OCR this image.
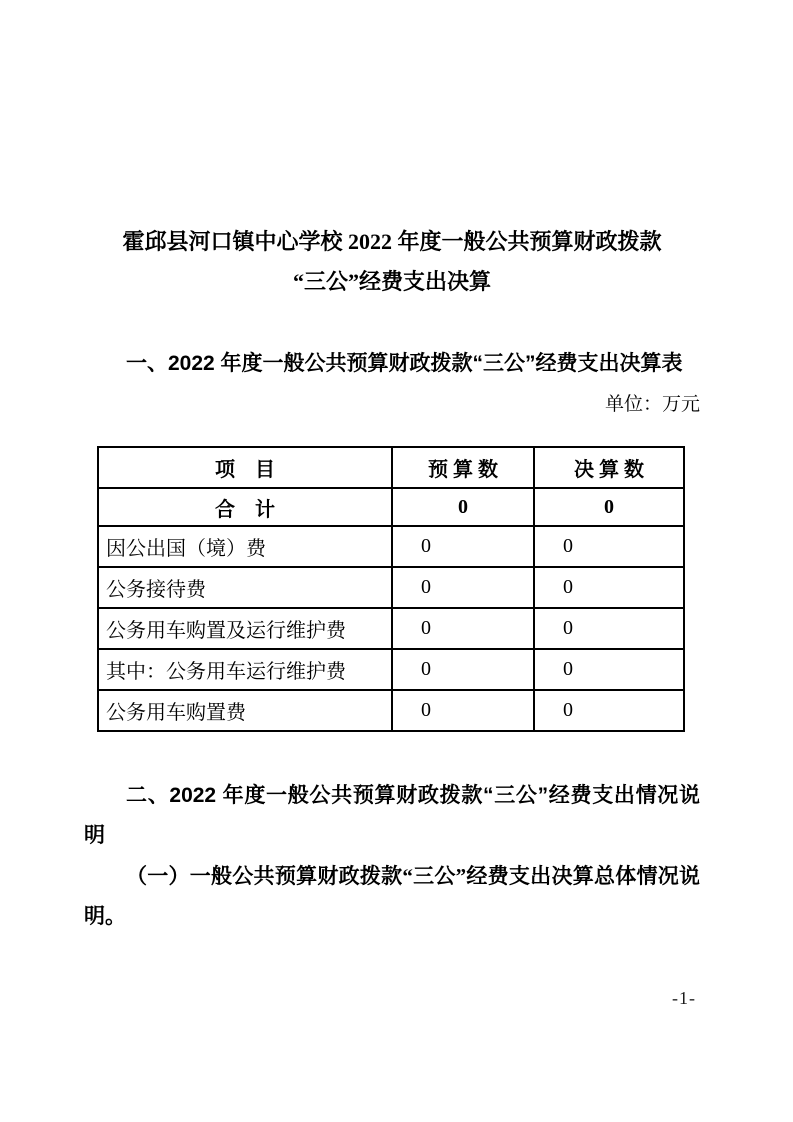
霍邱县河口镇中心学校 2022 年度一般公共预算财政拨款
“三公”经费支出决算
一、2022 年度一般公共预算财政拨款“三公”经费支出决算表
单位：万元
项　目	预 算 数	决 算 数
合　计	0	0
因公出国（境）费	0	0
公务接待费	0	0
公务用车购置及运行维护费	0	0
其中：公务用车运行维护费	0	0
公务用车购置费	0	0
二、2022 年度一般公共预算财政拨款“三公”经费支出情况说明
（一）一般公共预算财政拨款“三公”经费支出决算总体情况说明。
-1-
